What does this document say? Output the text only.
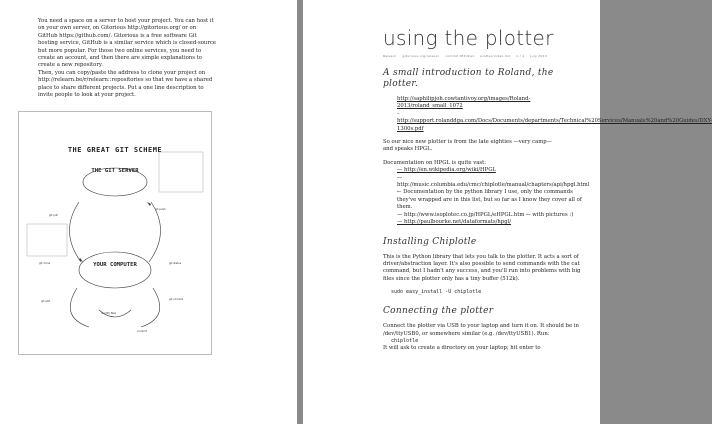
You need a space on a server to host your project. You can host it

on your own server, on Gitorious http://gitorious.org/ or on

GitHub https://github.com/. Gitorious is a free software Git

hosting service, GitHub is a similar service which is closed-source

but more popular. For those two online services, you need to

create an account, and then there are simple explanations to

create a new repository.

Then, you can copy/paste the address to clone your project on

http://relearn.be/r/relearn::repositories so that we have a shared

place to share different projects. Put a one line description to

invite people to look at your project.

THE GREAT GIT SCHEME
THE GIT SERVER
YOUR COMPUTER
git push
git pull
git add
git commit
git clone	git status
modify files
commit
using the plotter
Relearn gitorious.org/relearn commit 8f3d2a1 plotter/index.md 1 / 1 July 2013
A small introduction to Roland, the plotter.

http://saphilipjoh.cowtantivoy.org/images/Roland-2013/roland_small_1072

–

http://support.rolanddga.com/Docs/Documents/departments/Technical%20Services/Manuals%20and%20Guides/DXY-1300s.pdf

So our nice new plotter is from the late eighties —very camp—

and speaks HPGL.

Documentation on HPGL is quite vast:

— http://en.wikipedia.org/wiki/HPGL

— http://music.columbia.edu/cmc/chiplotle/manual/chapters/api/hpgl.html ← Documentation by the python library I use, only the commands they've wrapped are in this list, but so far as I know they cover all of them.

— http://www.isoplotec.co.jp/HPGL/eHPGL.htm ← with pictures :)

— http://paulbourke.net/dataformats/hpgl/

Installing Chiplotle

This is the Python library that lets you talk to the plotter. It acts a sort of driver/abstraction layer. It's also possible to send commands with the cat command, but I hadn't any success, and you'll run into problems with big files since the plotter only has a tiny buffer (512k).

sudo easy_install -U chiplotle
Connecting the plotter

Connect the plotter via USB to your laptop and turn it on. It should be in /dev/ttyUSB0, or somewhere similar (e.g. /dev/ttyUSB1). Run:

chiplotle

It will ask to create a directory on your laptop; hit enter to
